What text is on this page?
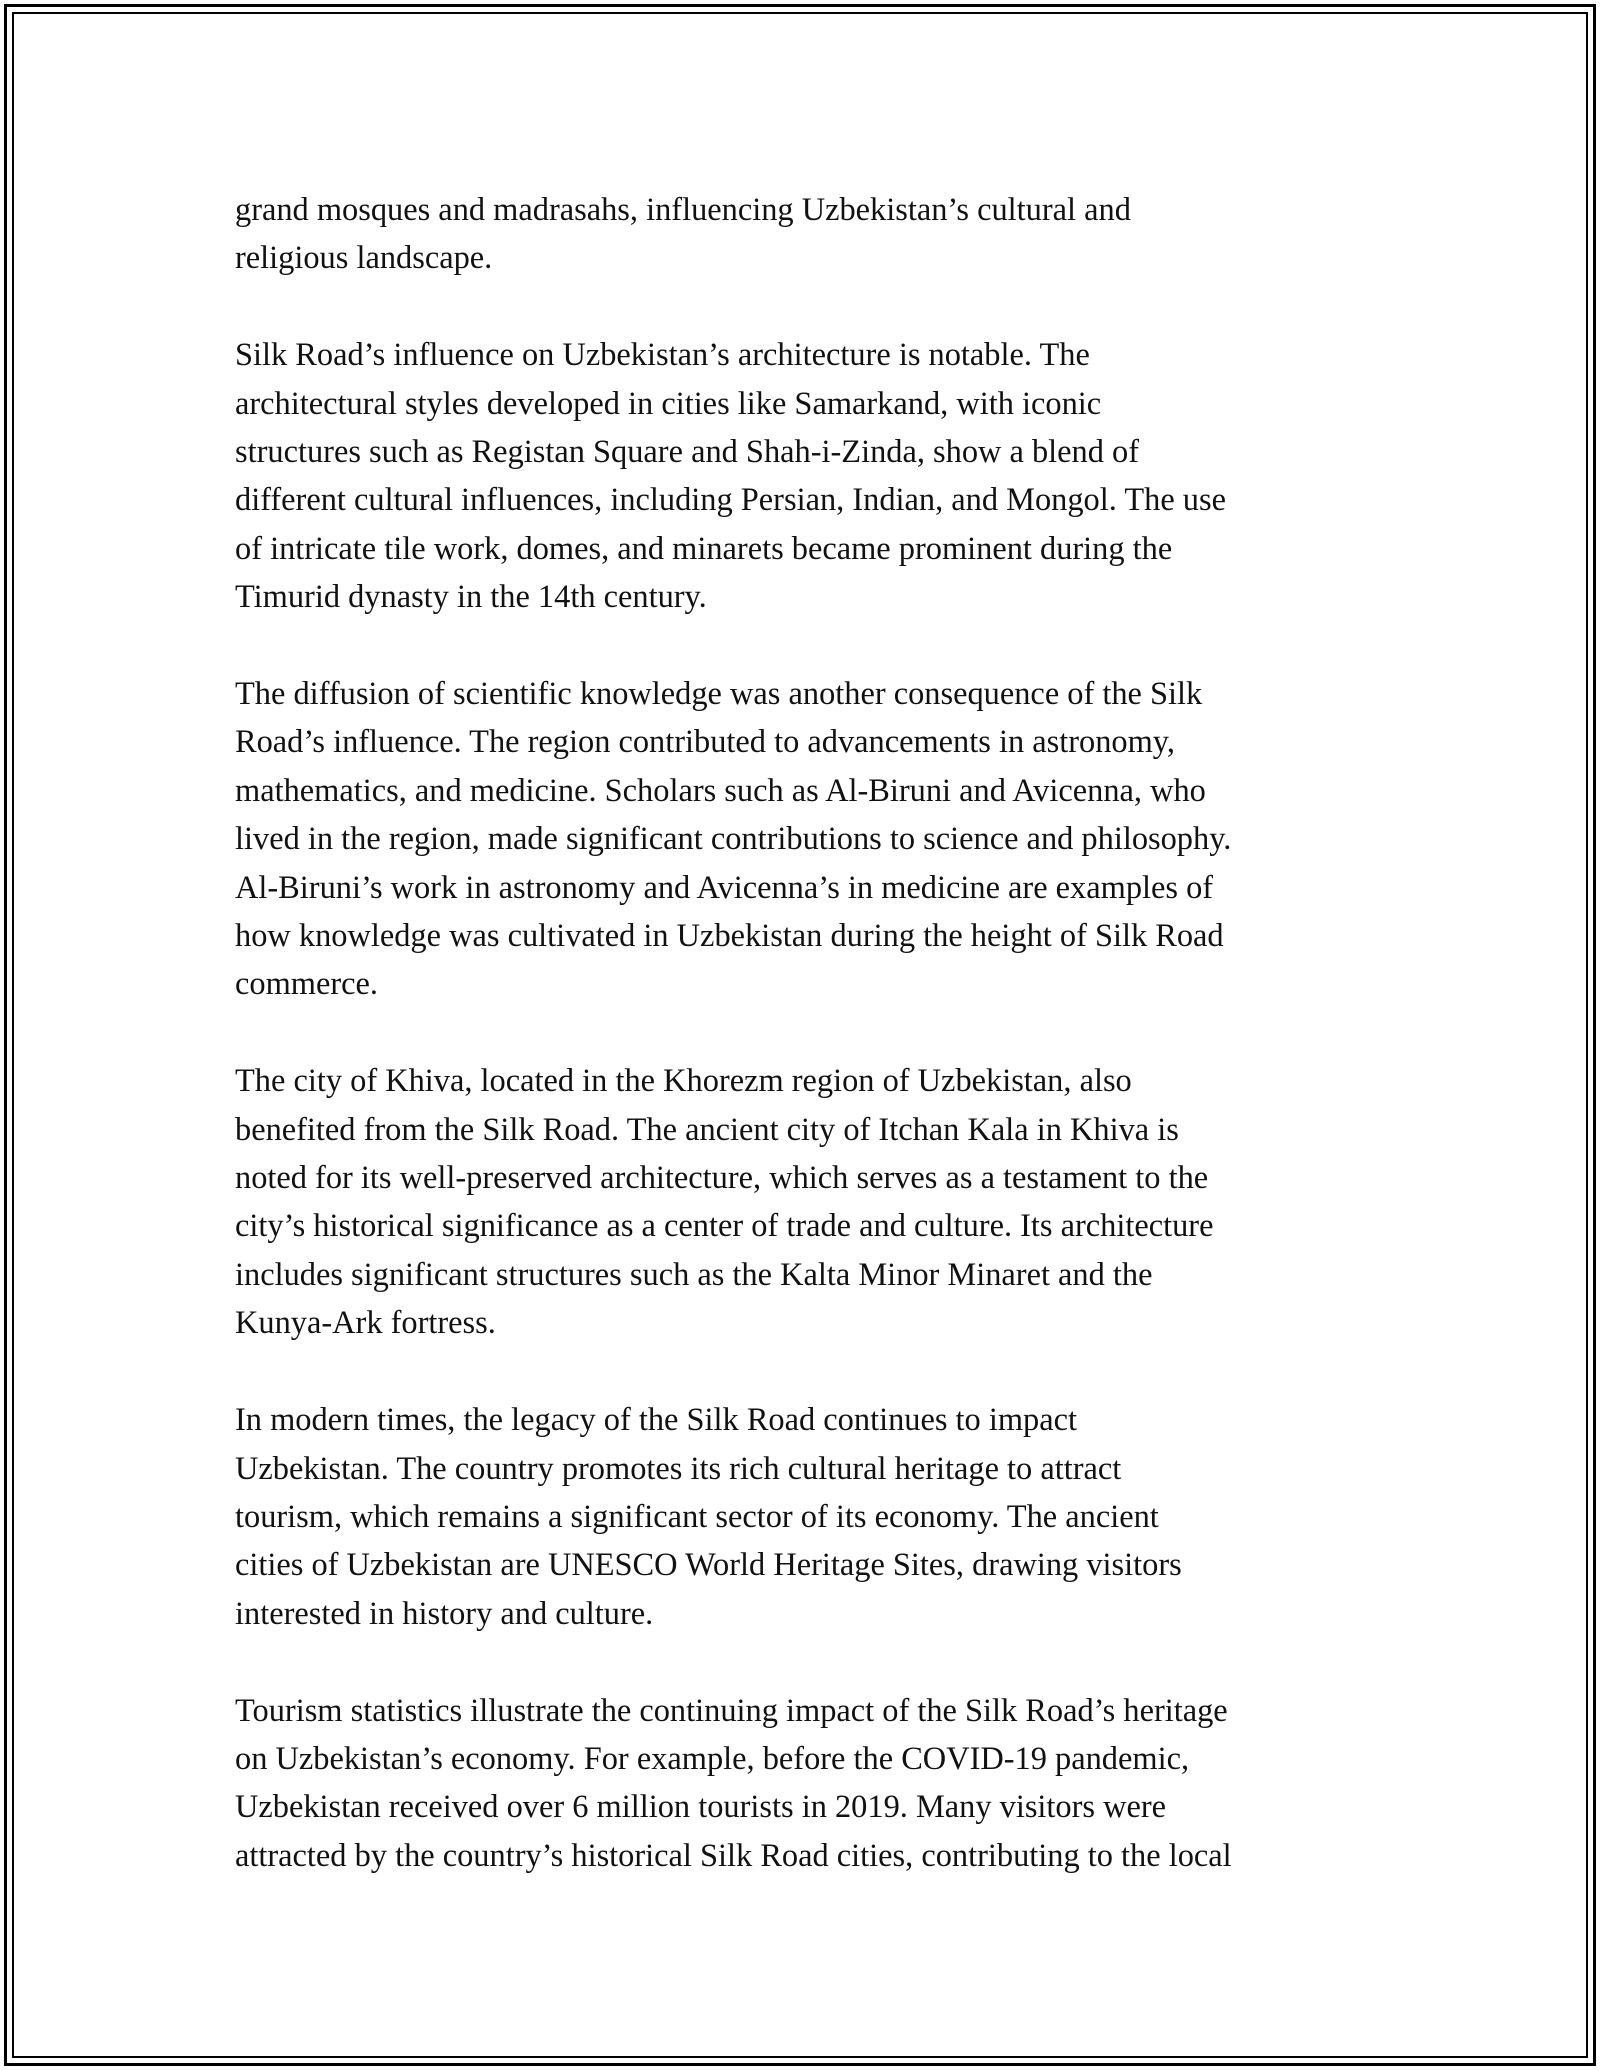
grand mosques and madrasahs, influencing Uzbekistan’s cultural and
religious landscape.

Silk Road’s influence on Uzbekistan’s architecture is notable. The
architectural styles developed in cities like Samarkand, with iconic
structures such as Registan Square and Shah-i-Zinda, show a blend of
different cultural influences, including Persian, Indian, and Mongol. The use
of intricate tile work, domes, and minarets became prominent during the
Timurid dynasty in the 14th century.

The diffusion of scientific knowledge was another consequence of the Silk
Road’s influence. The region contributed to advancements in astronomy,
mathematics, and medicine. Scholars such as Al-Biruni and Avicenna, who
lived in the region, made significant contributions to science and philosophy.
Al-Biruni’s work in astronomy and Avicenna’s in medicine are examples of
how knowledge was cultivated in Uzbekistan during the height of Silk Road
commerce.

The city of Khiva, located in the Khorezm region of Uzbekistan, also
benefited from the Silk Road. The ancient city of Itchan Kala in Khiva is
noted for its well-preserved architecture, which serves as a testament to the
city’s historical significance as a center of trade and culture. Its architecture
includes significant structures such as the Kalta Minor Minaret and the
Kunya-Ark fortress.

In modern times, the legacy of the Silk Road continues to impact
Uzbekistan. The country promotes its rich cultural heritage to attract
tourism, which remains a significant sector of its economy. The ancient
cities of Uzbekistan are UNESCO World Heritage Sites, drawing visitors
interested in history and culture.

Tourism statistics illustrate the continuing impact of the Silk Road’s heritage
on Uzbekistan’s economy. For example, before the COVID-19 pandemic,
Uzbekistan received over 6 million tourists in 2019. Many visitors were
attracted by the country’s historical Silk Road cities, contributing to the local
